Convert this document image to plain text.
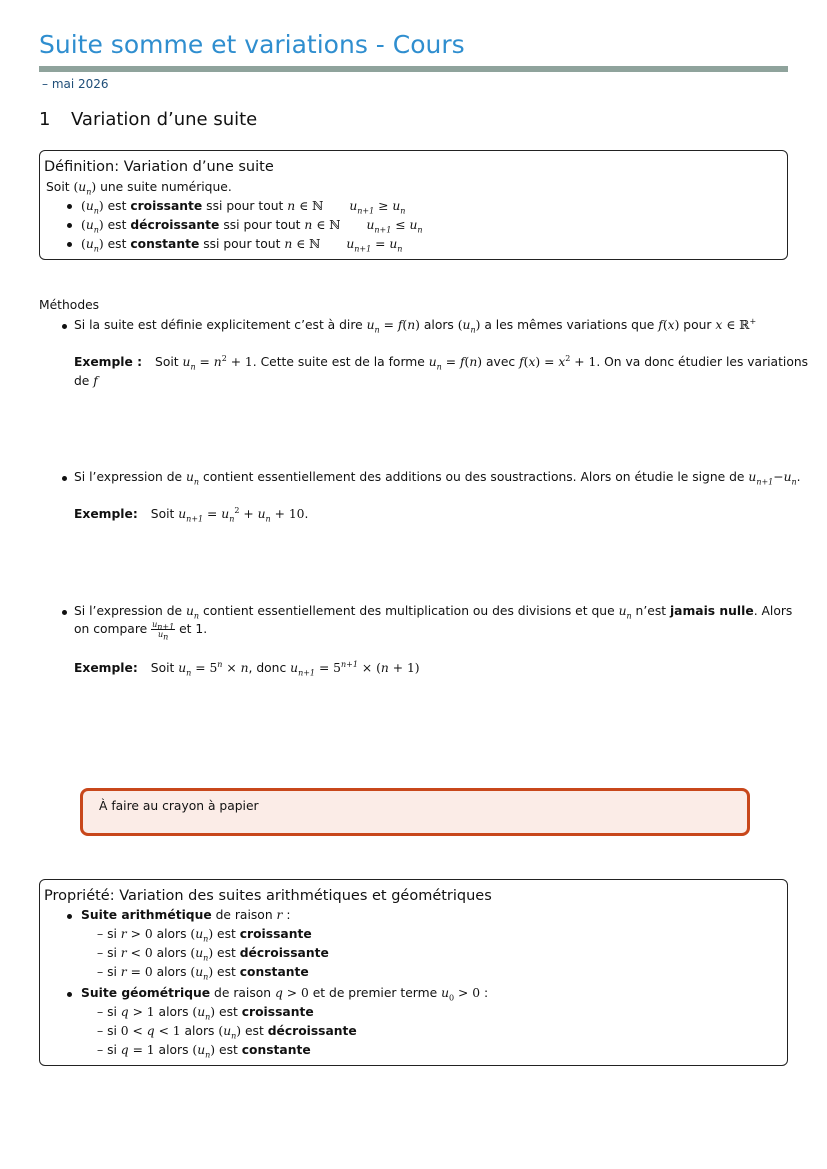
Suite somme et variations - Cours
– mai 2026
1 Variation d’une suite
Définition: Variation d’une suite
Soit $(u_n)$ une suite numérique.
$(u_n)$ est croissante ssi pour tout n ∈ ℕ $u_{n+1} \ge u_n$
$(u_n)$ est décroissante ssi pour tout n ∈ ℕ $u_{n+1} \le u_n$
$(u_n)$ est constante ssi pour tout n ∈ ℕ $u_{n+1} = u_n$
Méthodes
Si la suite est définie explicitement c’est à dire $u_n = f(n)$ alors $(u_n)$ a les mêmes variations que f(x) pour x ∈ ℝ+
Exemple : Soit $u_n = n^2 + 1$. Cette suite est de la forme $u_n = f(n)$ avec $f(x) = x^2 + 1$. On va donc étudier les variations
de f
Si l’expression de $u_n$ contient essentiellement des additions ou des soustractions. Alors on étudie le signe de $u_{n+1}-u_n$.
Exemple: Soit $u_{n+1} = u_n^2 + u_n + 10$.
Si l’expression de $u_n$ contient essentiellement des multiplication ou des divisions et que $u_n$ n’est jamais nulle. Alors
on compare $\frac{u_{n+1}}{u_n}$ et 1.
Exemple: Soit $u_n = 5^n \times n$, donc $u_{n+1} = 5^{n+1} \times (n + 1)$
À faire au crayon à papier
Propriété: Variation des suites arithmétiques et géométriques
Suite arithmétique de raison r :
– si r > 0 alors $(u_n)$ est croissante
– si r < 0 alors $(u_n)$ est décroissante
– si r = 0 alors $(u_n)$ est constante
Suite géométrique de raison q > 0 et de premier terme $u_0 > 0$ :
– si q > 1 alors $(u_n)$ est croissante
– si 0 < q < 1 alors $(u_n)$ est décroissante
– si q = 1 alors $(u_n)$ est constante
